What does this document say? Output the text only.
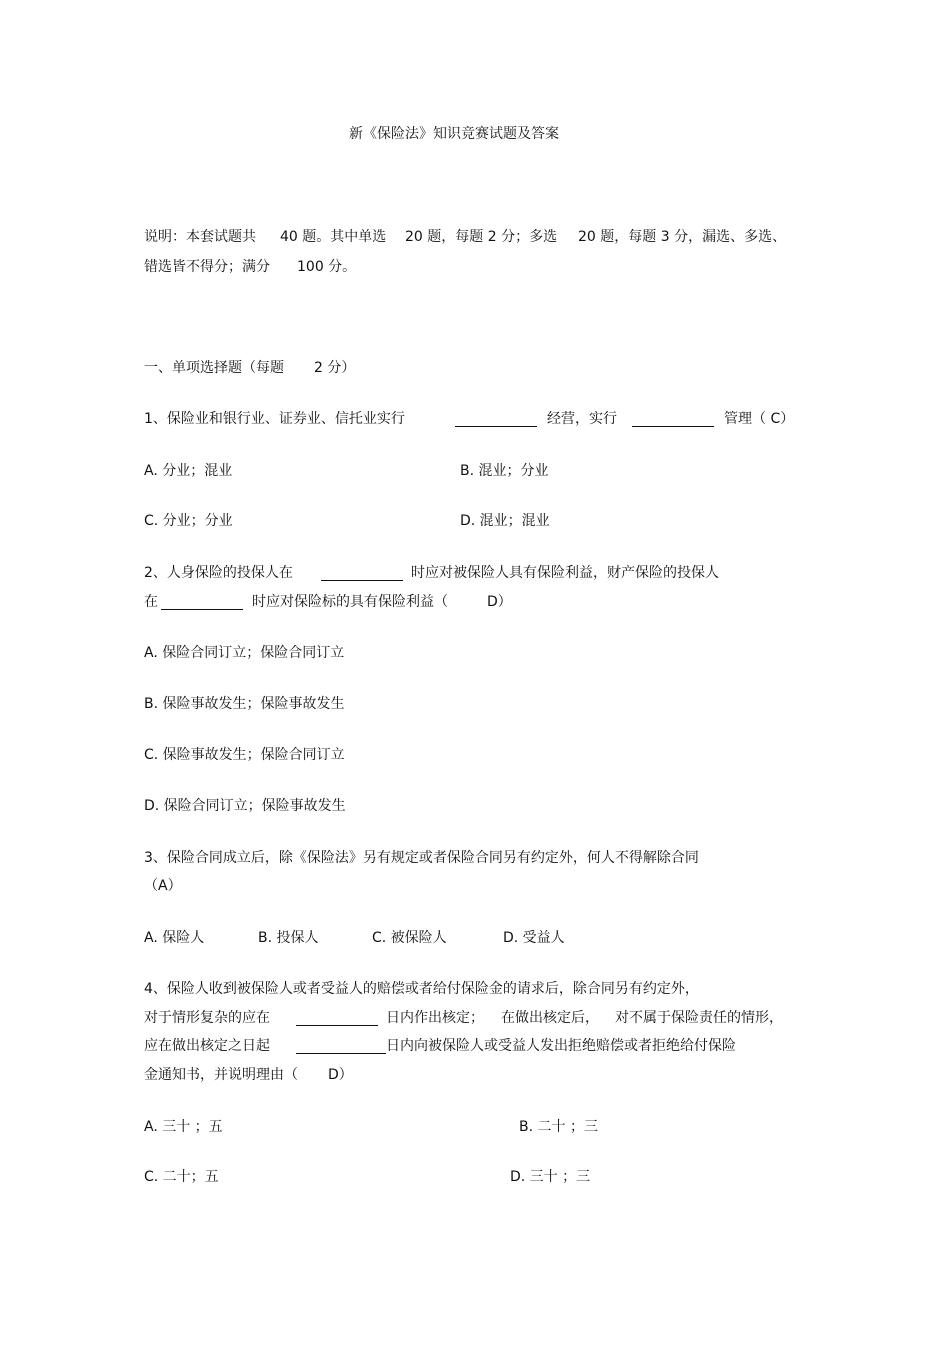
新《保险法》知识竞赛试题及答案
说明：本套试题共 40 题。其中单选 20 题，每题 2 分；多选 20 题，每题 3 分，漏选、多选、
错选皆不得分；满分 100 分。
一、单项选择题（每题 2 分）
1、保险业和银行业、证券业、信托业实行	经营，实行	管理（ C）
A. 分业；混业	B. 混业；分业
C. 分业；分业	D. 混业；混业
2、人身保险的投保人在	时应对被保险人具有保险利益，财产保险的投保人
在	时应对保险标的具有保险利益（	D）
A. 保险合同订立；保险合同订立
B. 保险事故发生；保险事故发生
C. 保险事故发生；保险合同订立
D. 保险合同订立；保险事故发生
3、保险合同成立后，除《保险法》另有规定或者保险合同另有约定外，何人不得解除合同
（A）
A. 保险人	B. 投保人	C. 被保险人	D. 受益人
4、保险人收到被保险人或者受益人的赔偿或者给付保险金的请求后，除合同另有约定外，
对于情形复杂的应在	日内作出核定； 在做出核定后， 对不属于保险责任的情形，
应在做出核定之日起	日内向被保险人或受益人发出拒绝赔偿或者拒绝给付保险
金通知书，并说明理由（ D）
A. 三十 ；五	B. 二十 ；三
C. 二十；五	D. 三十 ；三
